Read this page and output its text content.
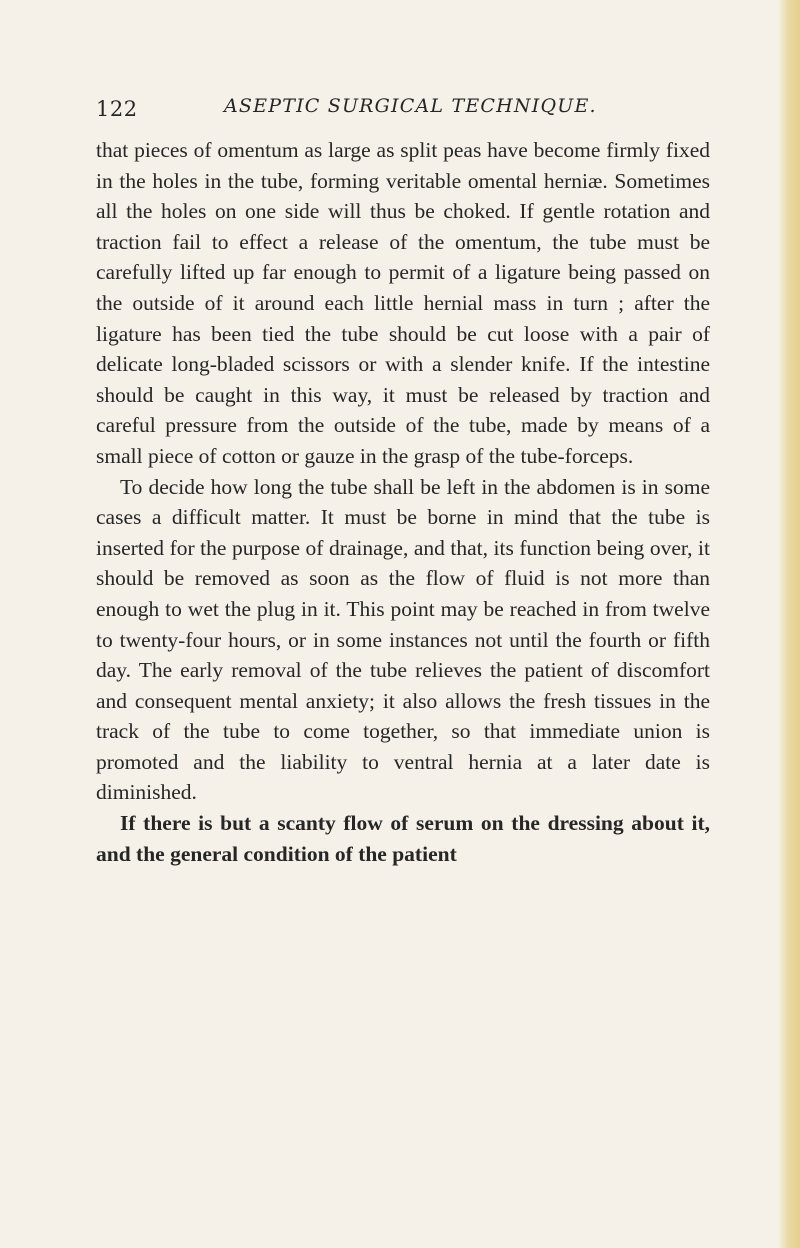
122	ASEPTIC SURGICAL TECHNIQUE.

that pieces of omentum as large as split peas have become firmly fixed in the holes in the tube, forming veritable omental herniæ. Sometimes all the holes on one side will thus be choked. If gentle rotation and traction fail to effect a release of the omentum, the tube must be carefully lifted up far enough to permit of a ligature being passed on the outside of it around each little hernial mass in turn ; after the ligature has been tied the tube should be cut loose with a pair of delicate long-bladed scissors or with a slender knife. If the intestine should be caught in this way, it must be released by traction and careful pressure from the outside of the tube, made by means of a small piece of cotton or gauze in the grasp of the tube-forceps.

To decide how long the tube shall be left in the abdomen is in some cases a difficult matter. It must be borne in mind that the tube is inserted for the purpose of drainage, and that, its function being over, it should be removed as soon as the flow of fluid is not more than enough to wet the plug in it. This point may be reached in from twelve to twenty-four hours, or in some instances not until the fourth or fifth day. The early removal of the tube relieves the patient of discomfort and consequent mental anxiety; it also allows the fresh tissues in the track of the tube to come together, so that immediate union is promoted and the liability to ventral hernia at a later date is diminished.

If there is but a scanty flow of serum on the dressing about it, and the general condition of the patient
